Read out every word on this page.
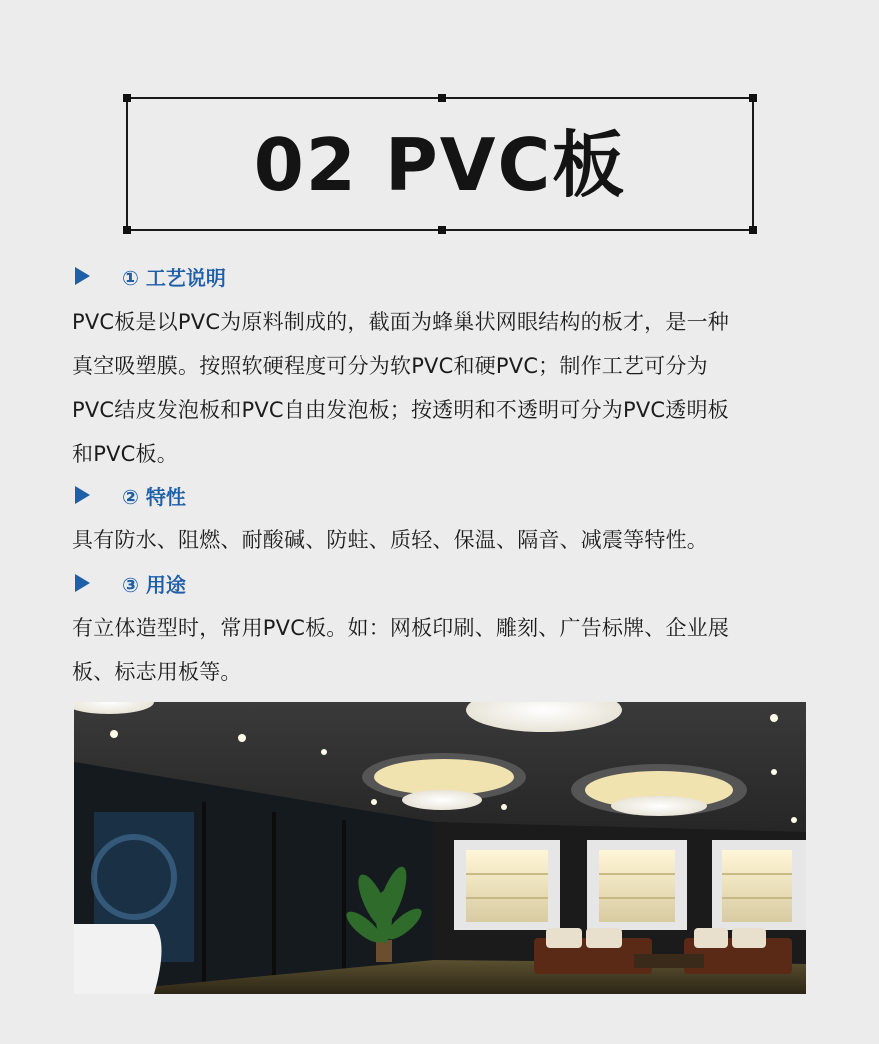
02 PVC板
① 工艺说明
PVC板是以PVC为原料制成的，截面为蜂巢状网眼结构的板才，是一种
真空吸塑膜。按照软硬程度可分为软PVC和硬PVC；制作工艺可分为
PVC结皮发泡板和PVC自由发泡板；按透明和不透明可分为PVC透明板
和PVC板。
② 特性
具有防水、阻燃、耐酸碱、防蛀、质轻、保温、隔音、减震等特性。
③ 用途
有立体造型时，常用PVC板。如：网板印刷、雕刻、广告标牌、企业展
板、标志用板等。
